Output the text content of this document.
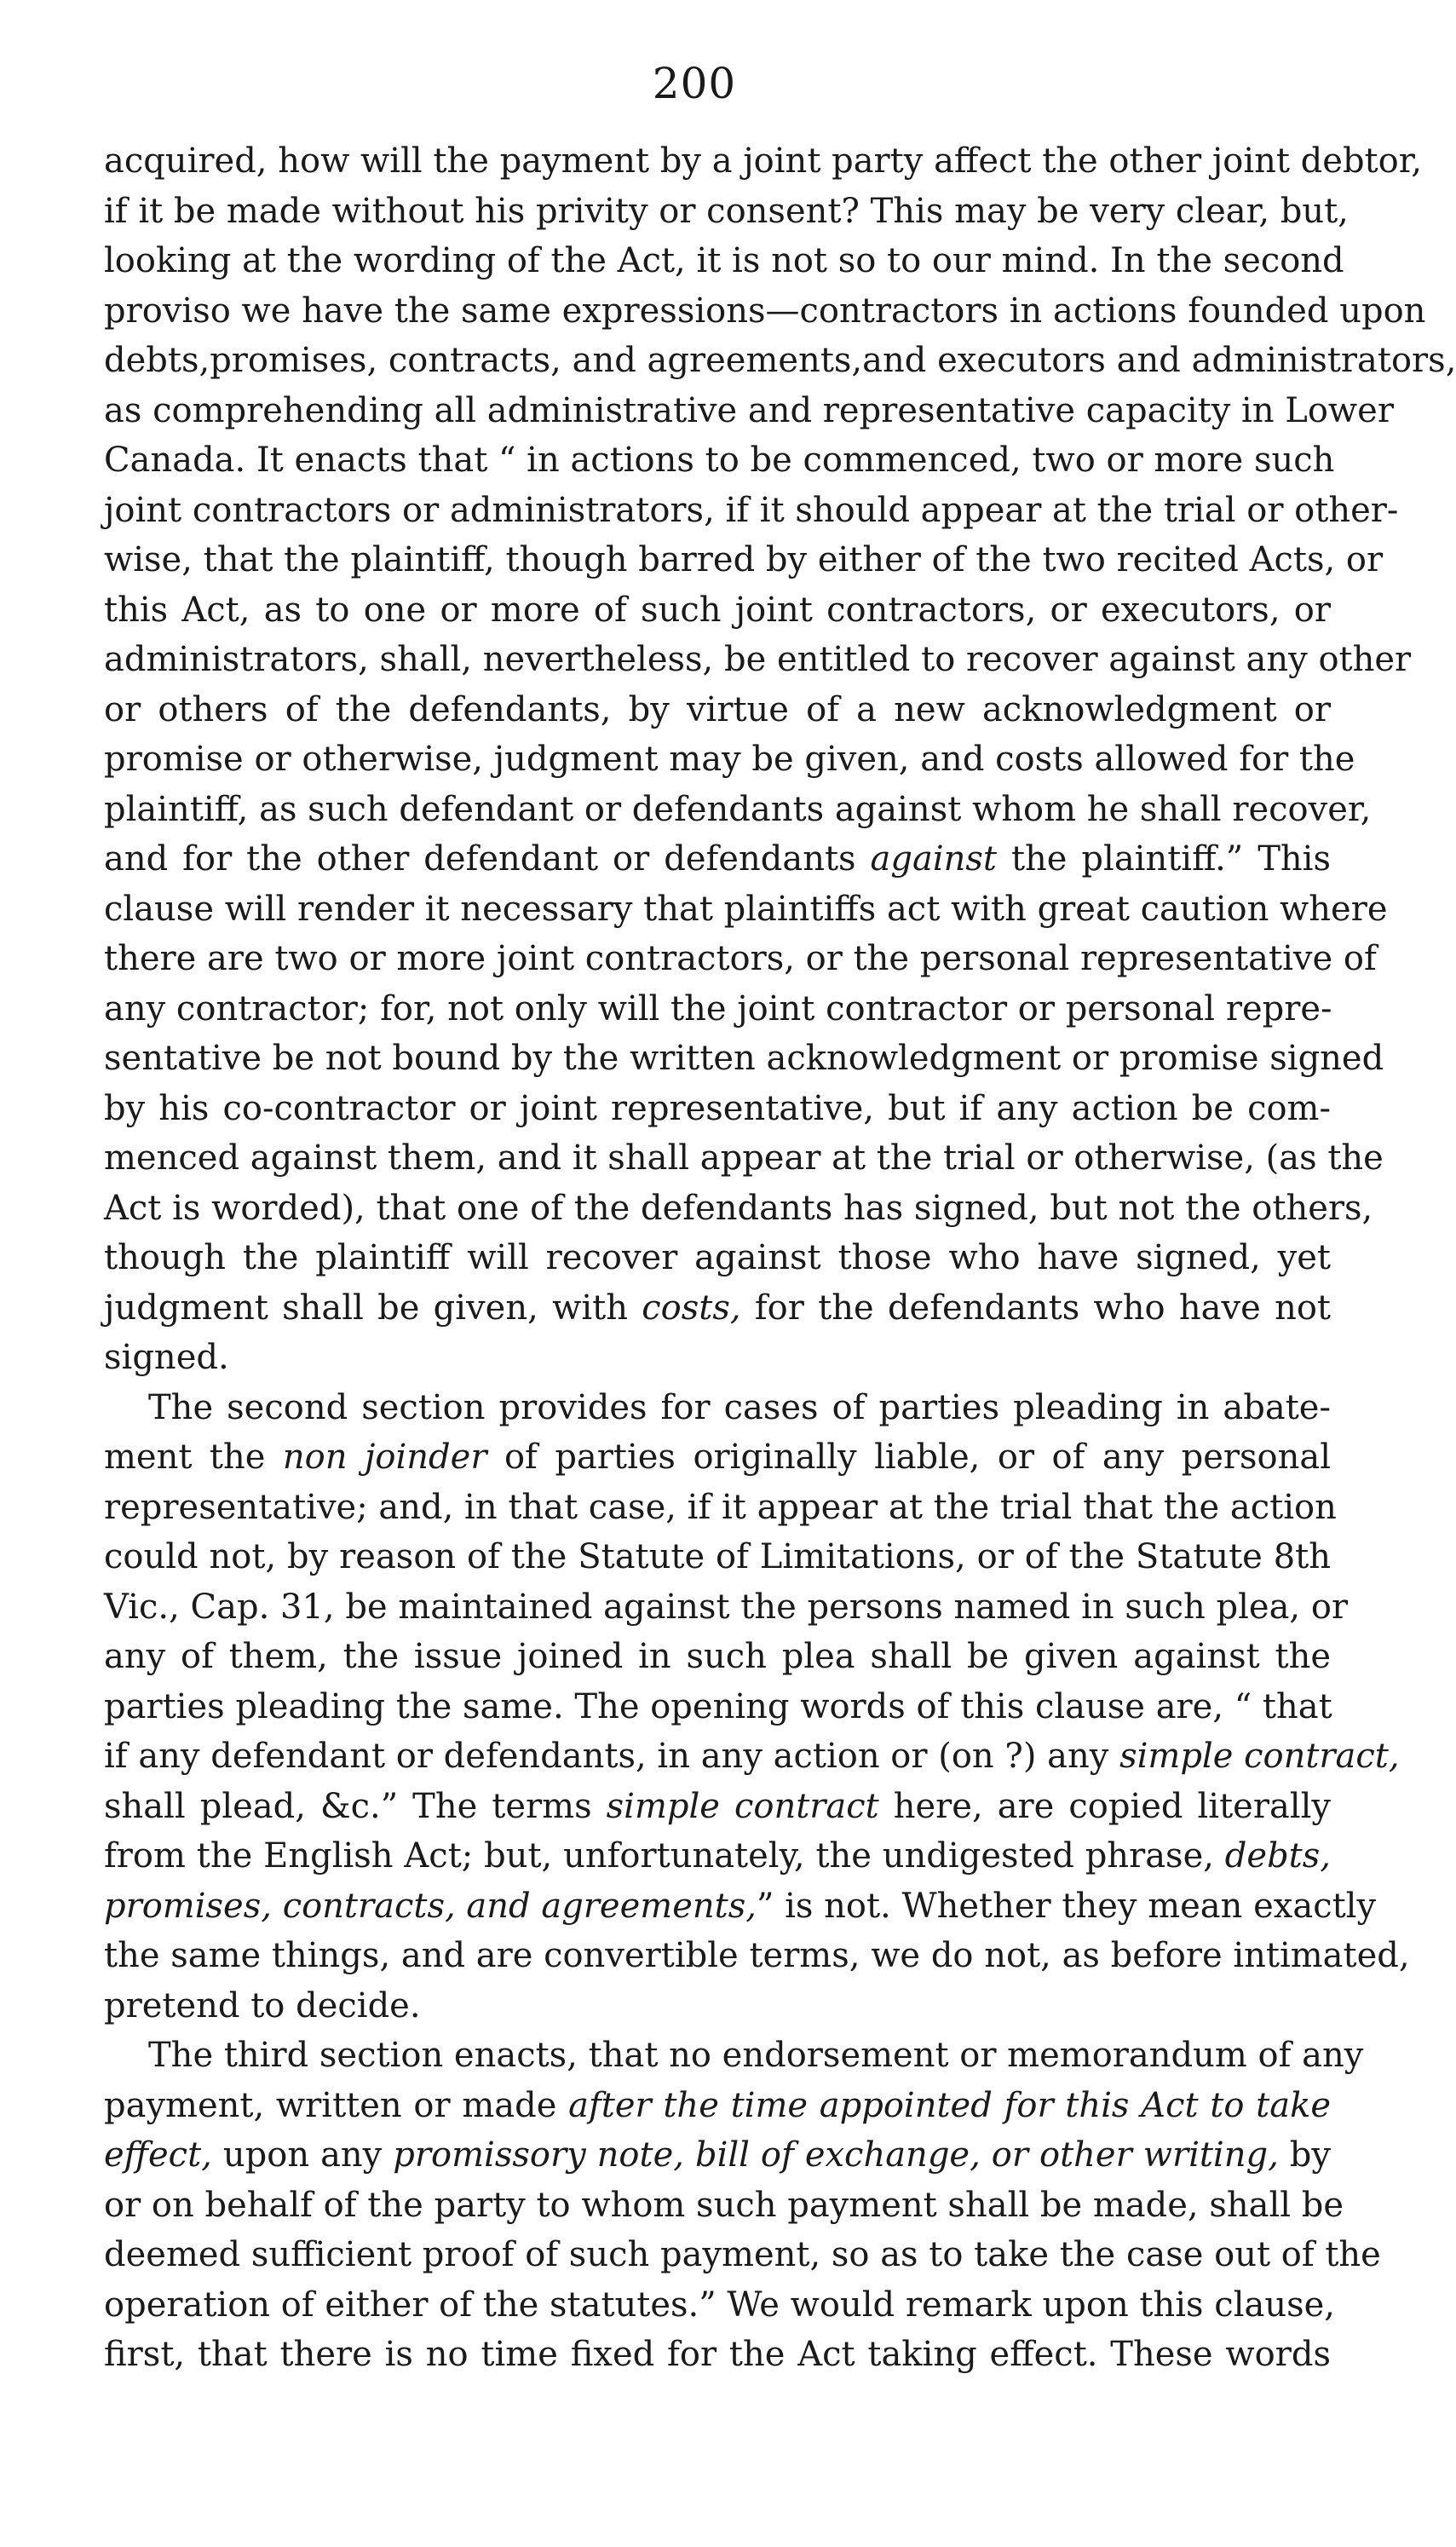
200
acquired, how will the payment by a joint party affect the other joint debtor,
if it be made without his privity or consent? This may be very clear, but,
looking at the wording of the Act, it is not so to our mind. In the second
proviso we have the same expressions—contractors in actions founded upon
debts,promises, contracts, and agreements,and executors and administrators,
as comprehending all administrative and representative capacity in Lower
Canada. It enacts that “ in actions to be commenced, two or more such
joint contractors or administrators, if it should appear at the trial or other-
wise, that the plaintiff, though barred by either of the two recited Acts, or
this Act, as to one or more of such joint contractors, or executors, or
administrators, shall, nevertheless, be entitled to recover against any other
or others of the defendants, by virtue of a new acknowledgment or
promise or otherwise, judgment may be given, and costs allowed for the
plaintiff, as such defendant or defendants against whom he shall recover,
and for the other defendant or defendants against the plaintiff.” This
clause will render it necessary that plaintiffs act with great caution where
there are two or more joint contractors, or the personal representative of
any contractor; for, not only will the joint contractor or personal repre-
sentative be not bound by the written acknowledgment or promise signed
by his co-contractor or joint representative, but if any action be com-
menced against them, and it shall appear at the trial or otherwise, (as the
Act is worded), that one of the defendants has signed, but not the others,
though the plaintiff will recover against those who have signed, yet
judgment shall be given, with costs, for the defendants who have not
signed.
The second section provides for cases of parties pleading in abate-
ment the non joinder of parties originally liable, or of any personal
representative; and, in that case, if it appear at the trial that the action
could not, by reason of the Statute of Limitations, or of the Statute 8th
Vic., Cap. 31, be maintained against the persons named in such plea, or
any of them, the issue joined in such plea shall be given against the
parties pleading the same. The opening words of this clause are, “ that
if any defendant or defendants, in any action or (on ?) any simple contract,
shall plead, &c.” The terms simple contract here, are copied literally
from the English Act; but, unfortunately, the undigested phrase, debts,
promises, contracts, and agreements,” is not. Whether they mean exactly
the same things, and are convertible terms, we do not, as before intimated,
pretend to decide.
The third section enacts, that no endorsement or memorandum of any
payment, written or made after the time appointed for this Act to take
effect, upon any promissory note, bill of exchange, or other writing, by
or on behalf of the party to whom such payment shall be made, shall be
deemed sufficient proof of such payment, so as to take the case out of the
operation of either of the statutes.” We would remark upon this clause,
first, that there is no time fixed for the Act taking effect. These words
